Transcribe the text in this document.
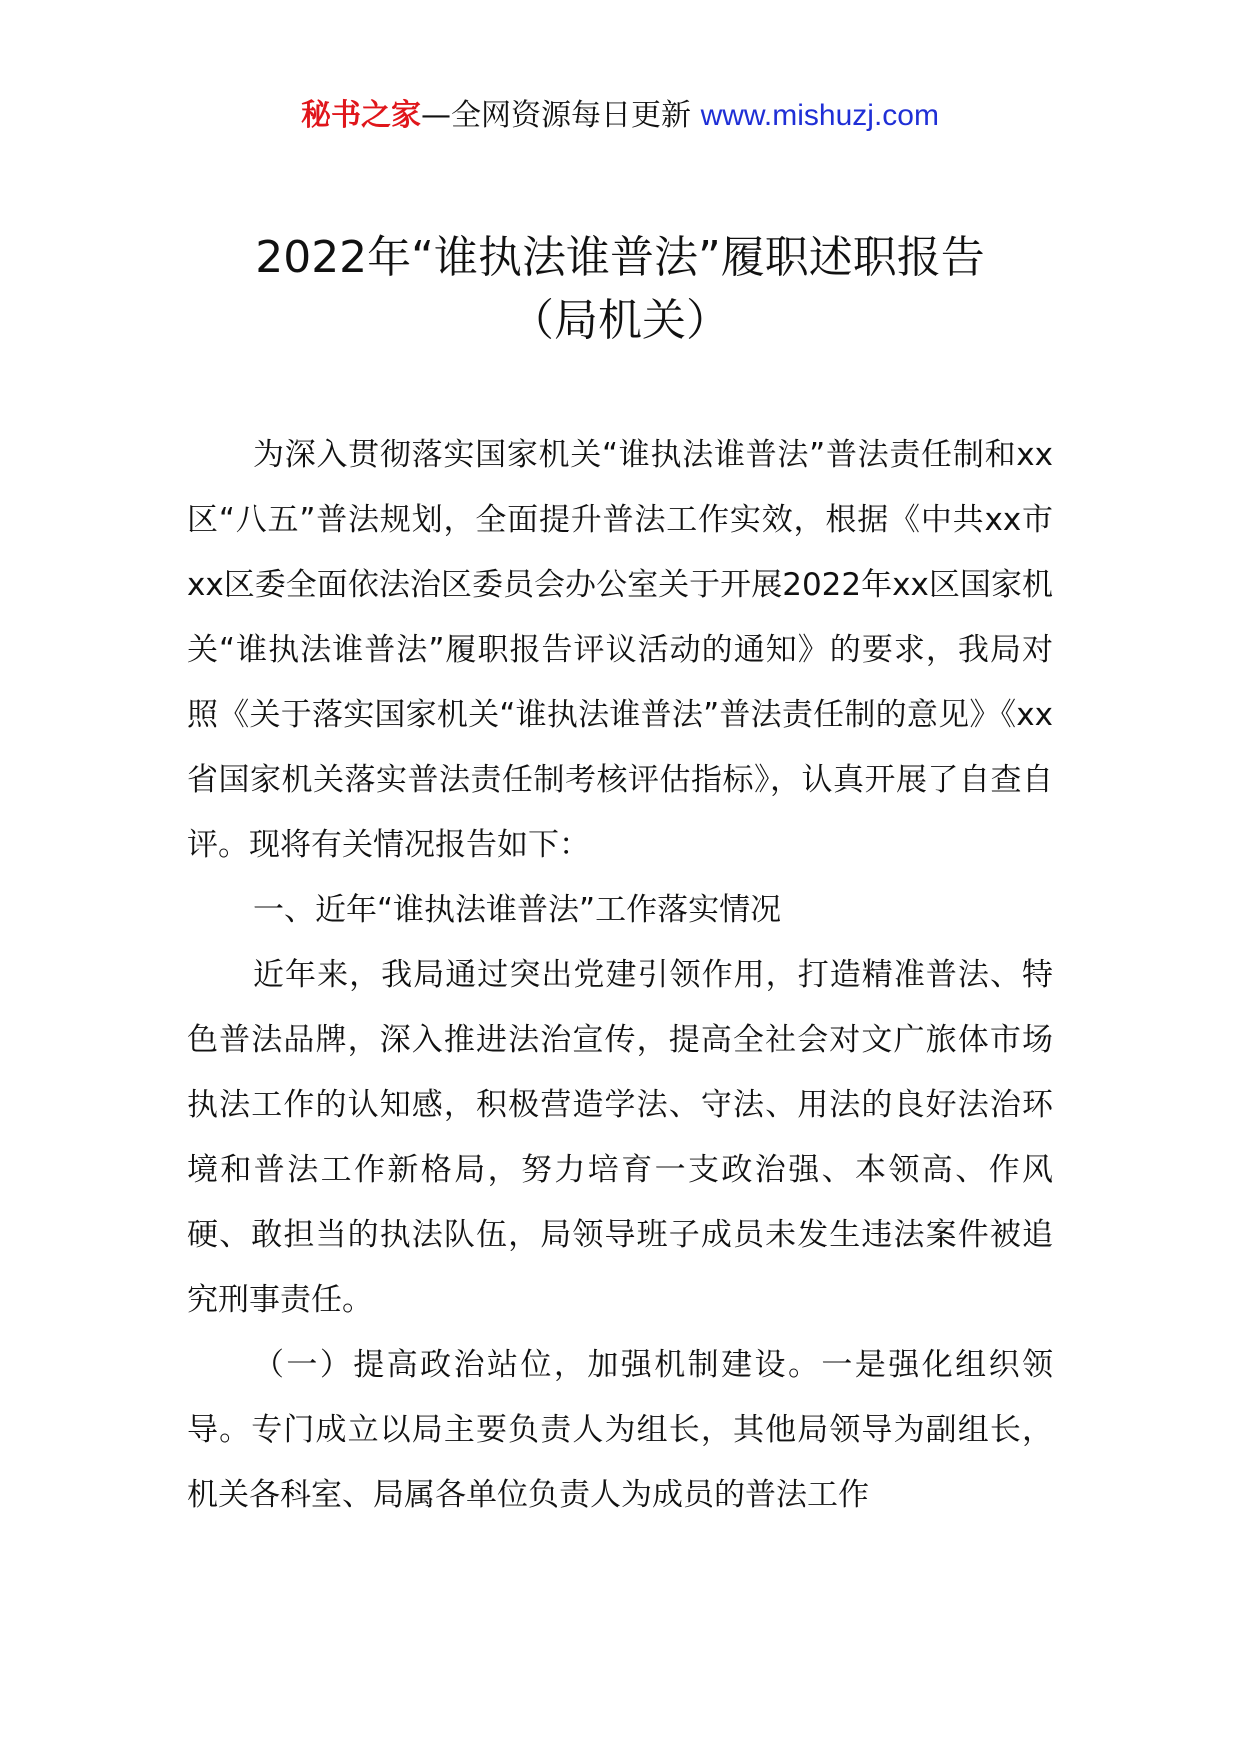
秘书之家—全网资源每日更新 www.mishuzj.com
2022年“谁执法谁普法”履职述职报告
（局机关）

为深入贯彻落实国家机关“谁执法谁普法”普法责任制和xx区“八五”普法规划，全面提升普法工作实效，根据《中共xx市xx区委全面依法治区委员会办公室关于开展2022年xx区国家机关“谁执法谁普法”履职报告评议活动的通知》的要求，我局对照《关于落实国家机关“谁执法谁普法”普法责任制的意见》《xx省国家机关落实普法责任制考核评估指标》，认真开展了自查自评。现将有关情况报告如下：

一、近年“谁执法谁普法”工作落实情况

近年来，我局通过突出党建引领作用，打造精准普法、特色普法品牌，深入推进法治宣传，提高全社会对文广旅体市场执法工作的认知感，积极营造学法、守法、用法的良好法治环境和普法工作新格局，努力培育一支政治强、本领高、作风硬、敢担当的执法队伍，局领导班子成员未发生违法案件被追究刑事责任。

（一）提高政治站位，加强机制建设。一是强化组织领导。专门成立以局主要负责人为组长，其他局领导为副组长，机关各科室、局属各单位负责人为成员的普法工作
